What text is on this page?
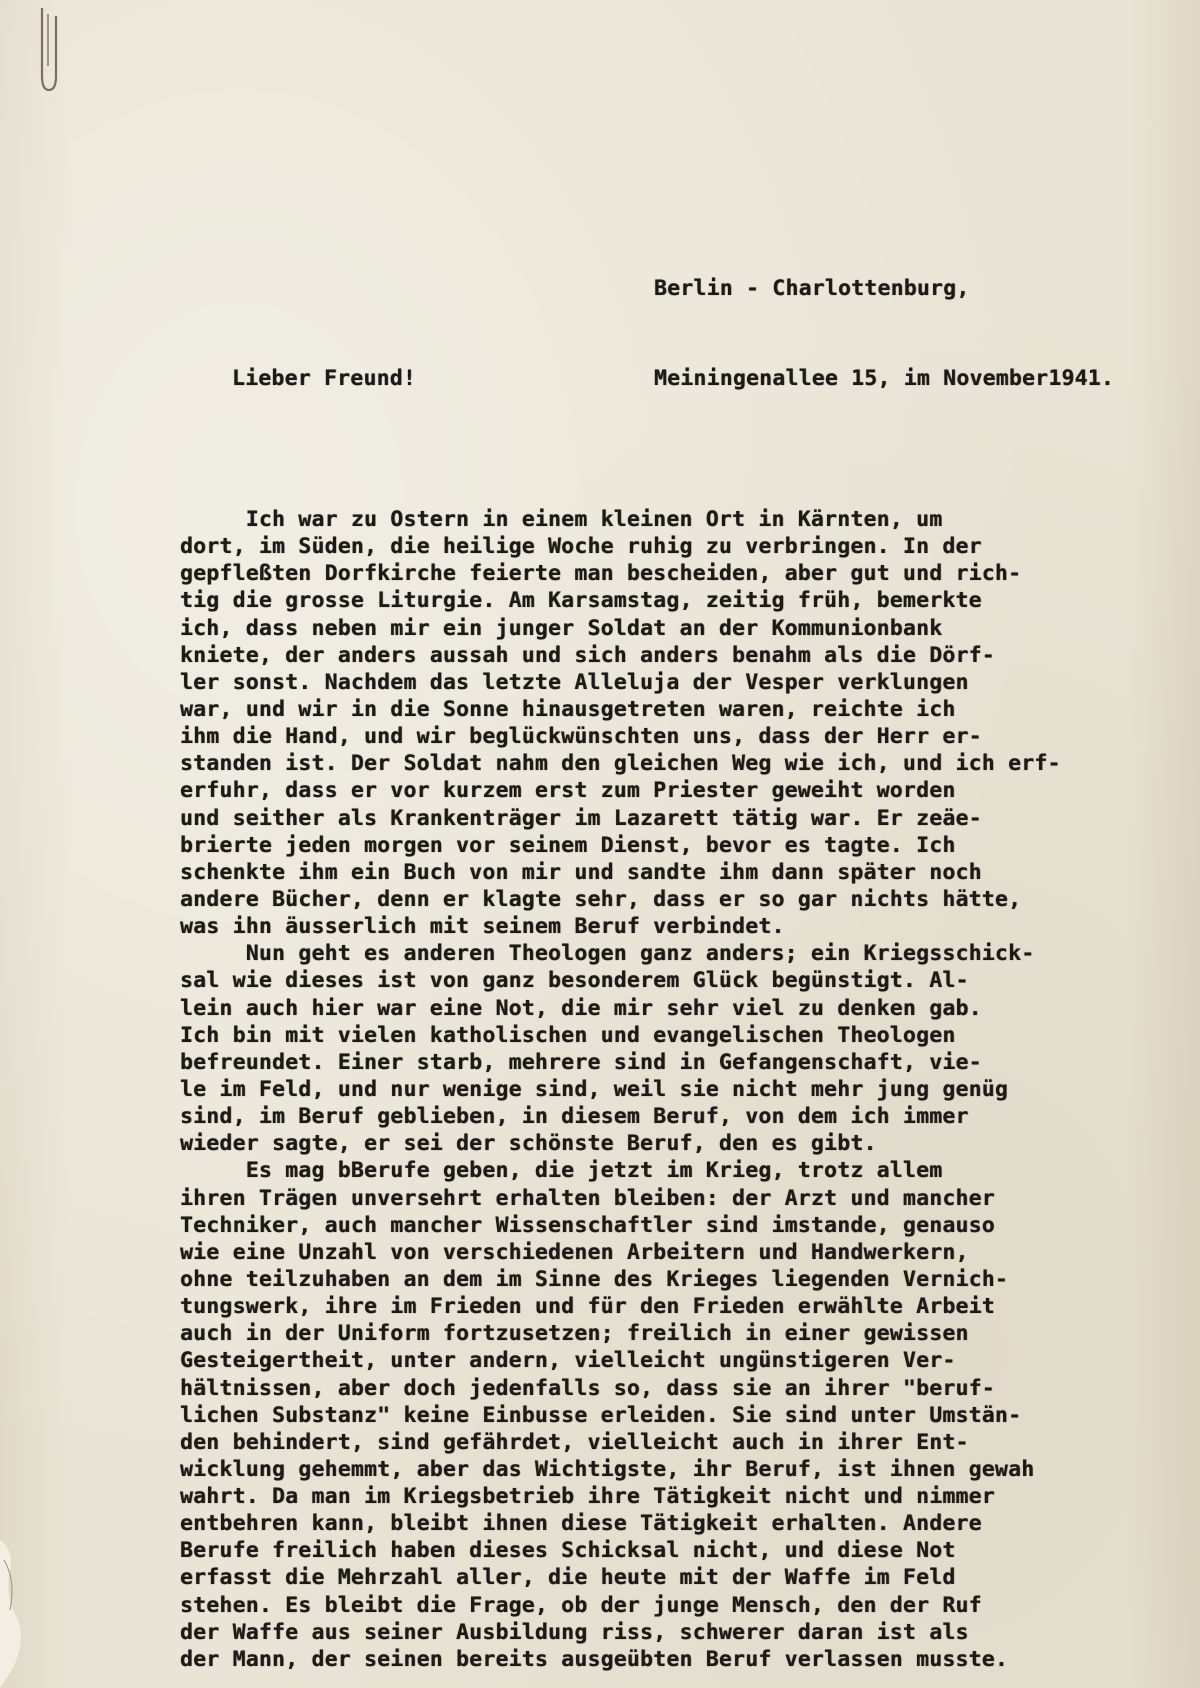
Berlin - Charlottenburg,

Meiningenallee 15, im November1941.

Lieber Freund!
Ich war zu Ostern in einem kleinen Ort in Kärnten, um
dort, im Süden, die heilige Woche ruhig zu verbringen. In der
gepfleßten Dorfkirche feierte man bescheiden, aber gut und rich-
tig die grosse Liturgie. Am Karsamstag, zeitig früh, bemerkte
ich, dass neben mir ein junger Soldat an der Kommunionbank
kniete, der anders aussah und sich anders benahm als die Dörf-
ler sonst. Nachdem das letzte Alleluja der Vesper verklungen
war, und wir in die Sonne hinausgetreten waren, reichte ich
ihm die Hand, und wir beglückwünschten uns, dass der Herr er-
standen ist. Der Soldat nahm den gleichen Weg wie ich, und ich erf-
erfuhr, dass er vor kurzem erst zum Priester geweiht worden
und seither als Krankenträger im Lazarett tätig war. Er zeäe-
brierte jeden morgen vor seinem Dienst, bevor es tagte. Ich
schenkte ihm ein Buch von mir und sandte ihm dann später noch
andere Bücher, denn er klagte sehr, dass er so gar nichts hätte,
was ihn äusserlich mit seinem Beruf verbindet.
Nun geht es anderen Theologen ganz anders; ein Kriegsschick-
sal wie dieses ist von ganz besonderem Glück begünstigt. Al-
lein auch hier war eine Not, die mir sehr viel zu denken gab.
Ich bin mit vielen katholischen und evangelischen Theologen
befreundet. Einer starb, mehrere sind in Gefangenschaft, vie-
le im Feld, und nur wenige sind, weil sie nicht mehr jung genüg
sind, im Beruf geblieben, in diesem Beruf, von dem ich immer
wieder sagte, er sei der schönste Beruf, den es gibt.
Es mag bBerufe geben, die jetzt im Krieg, trotz allem
ihren Trägen unversehrt erhalten bleiben: der Arzt und mancher
Techniker, auch mancher Wissenschaftler sind imstande, genauso
wie eine Unzahl von verschiedenen Arbeitern und Handwerkern,
ohne teilzuhaben an dem im Sinne des Krieges liegenden Vernich-
tungswerk, ihre im Frieden und für den Frieden erwählte Arbeit
auch in der Uniform fortzusetzen; freilich in einer gewissen
Gesteigertheit, unter andern, vielleicht ungünstigeren Ver-
hältnissen, aber doch jedenfalls so, dass sie an ihrer "beruf-
lichen Substanz" keine Einbusse erleiden. Sie sind unter Umstän-
den behindert, sind gefährdet, vielleicht auch in ihrer Ent-
wicklung gehemmt, aber das Wichtigste, ihr Beruf, ist ihnen gewah
wahrt. Da man im Kriegsbetrieb ihre Tätigkeit nicht und nimmer
entbehren kann, bleibt ihnen diese Tätigkeit erhalten. Andere
Berufe freilich haben dieses Schicksal nicht, und diese Not
erfasst die Mehrzahl aller, die heute mit der Waffe im Feld
stehen. Es bleibt die Frage, ob der junge Mensch, den der Ruf
der Waffe aus seiner Ausbildung riss, schwerer daran ist als
der Mann, der seinen bereits ausgeübten Beruf verlassen musste.
